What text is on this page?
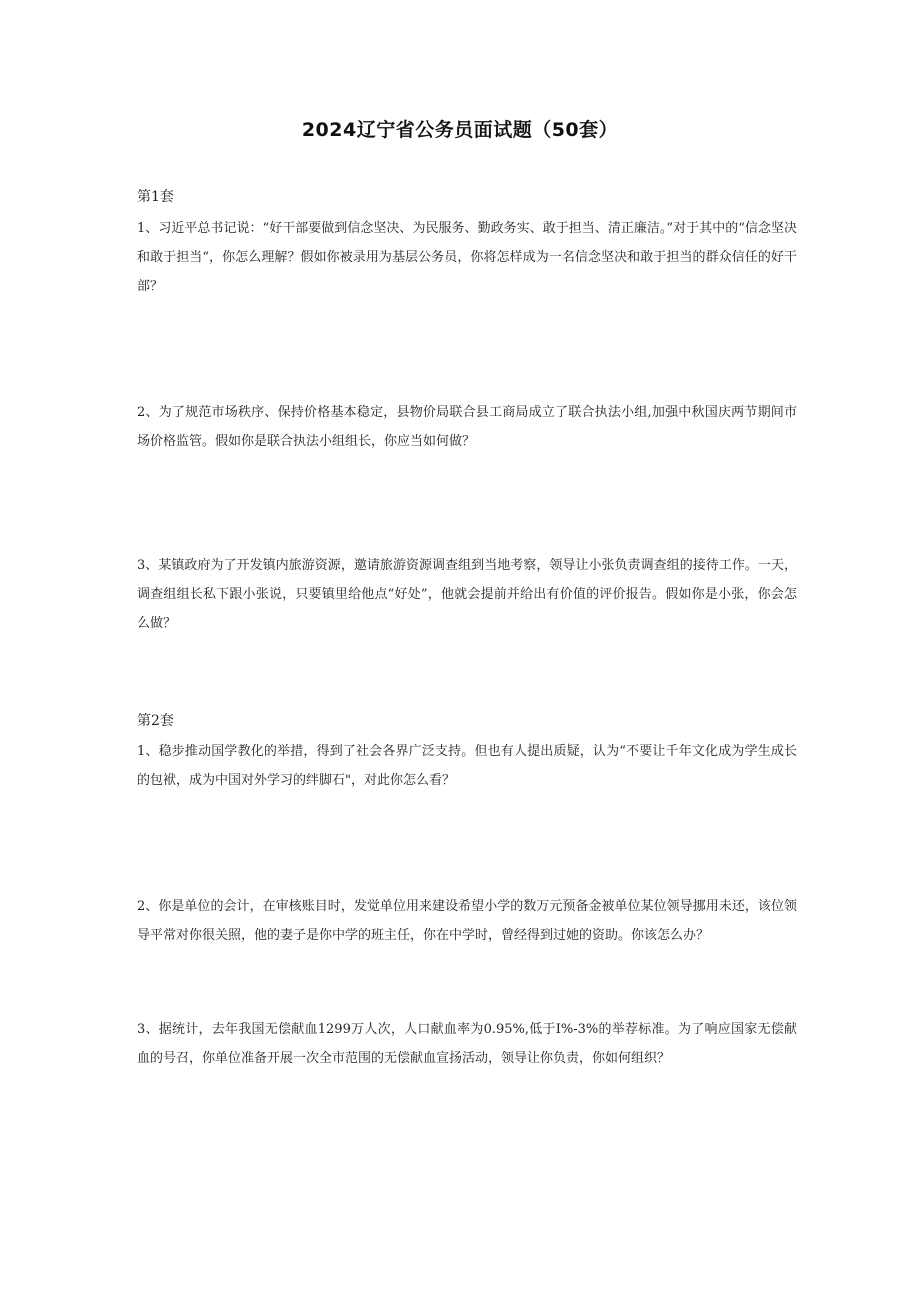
2024辽宁省公务员面试题（50套）
第1套

1、习近平总书记说：“好干部要做到信念坚决、为民服务、勤政务实、敢于担当、清正廉洁。”对于其中的“信念坚决和敢于担当“，你怎么理解？假如你被录用为基层公务员，你将怎样成为一名信念坚决和敢于担当的群众信任的好干部？

2、为了规范市场秩序、保持价格基本稳定，县物价局联合县工商局成立了联合执法小组,加强中秋国庆两节期间市场价格监管。假如你是联合执法小组组长，你应当如何做？

3、某镇政府为了开发镇内旅游资源，邀请旅游资源调查组到当地考察，领导让小张负责调查组的接待工作。一天，调查组组长私下跟小张说，只要镇里给他点“好处”，他就会提前并给出有价值的评价报告。假如你是小张，你会怎么做？

第2套

1、稳步推动国学教化的举措，得到了社会各界广泛支持。但也有人提出质疑，认为“不要让千年文化成为学生成长的包袱，成为中国对外学习的绊脚石"，对此你怎么看？

2、你是单位的会计，在审核账目时，发觉单位用来建设希望小学的数万元预备金被单位某位领导挪用未还，该位领导平常对你很关照，他的妻子是你中学的班主任，你在中学时，曾经得到过她的资助。你该怎么办？

3、据统计，去年我国无偿献血1299万人次，人口献血率为0.95%,低于I%-3%的举荐标准。为了响应国家无偿献血的号召，你单位准备开展一次全市范围的无偿献血宣扬活动，领导让你负责，你如何组织？
